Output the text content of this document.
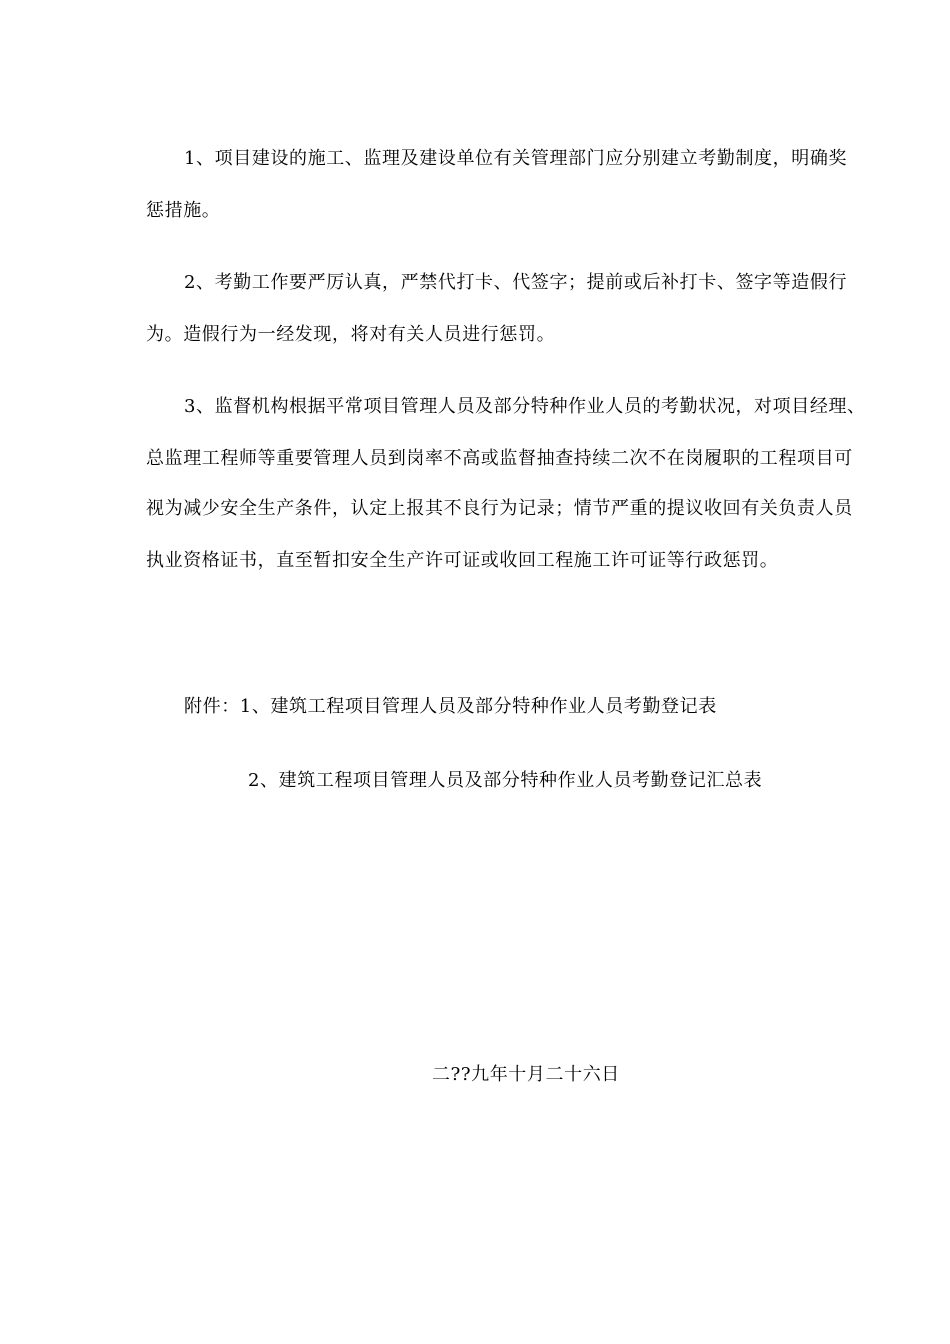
1、项目建设的施工、监理及建设单位有关管理部门应分别建立考勤制度，明确奖
惩措施。
2、考勤工作要严厉认真，严禁代打卡、代签字；提前或后补打卡、签字等造假行
为。造假行为一经发现，将对有关人员进行惩罚。
3、监督机构根据平常项目管理人员及部分特种作业人员的考勤状况，对项目经理、
总监理工程师等重要管理人员到岗率不高或监督抽查持续二次不在岗履职的工程项目可
视为减少安全生产条件，认定上报其不良行为记录；情节严重的提议收回有关负责人员
执业资格证书，直至暂扣安全生产许可证或收回工程施工许可证等行政惩罚。
附件：1、建筑工程项目管理人员及部分特种作业人员考勤登记表
2、建筑工程项目管理人员及部分特种作业人员考勤登记汇总表
二??九年十月二十六日
